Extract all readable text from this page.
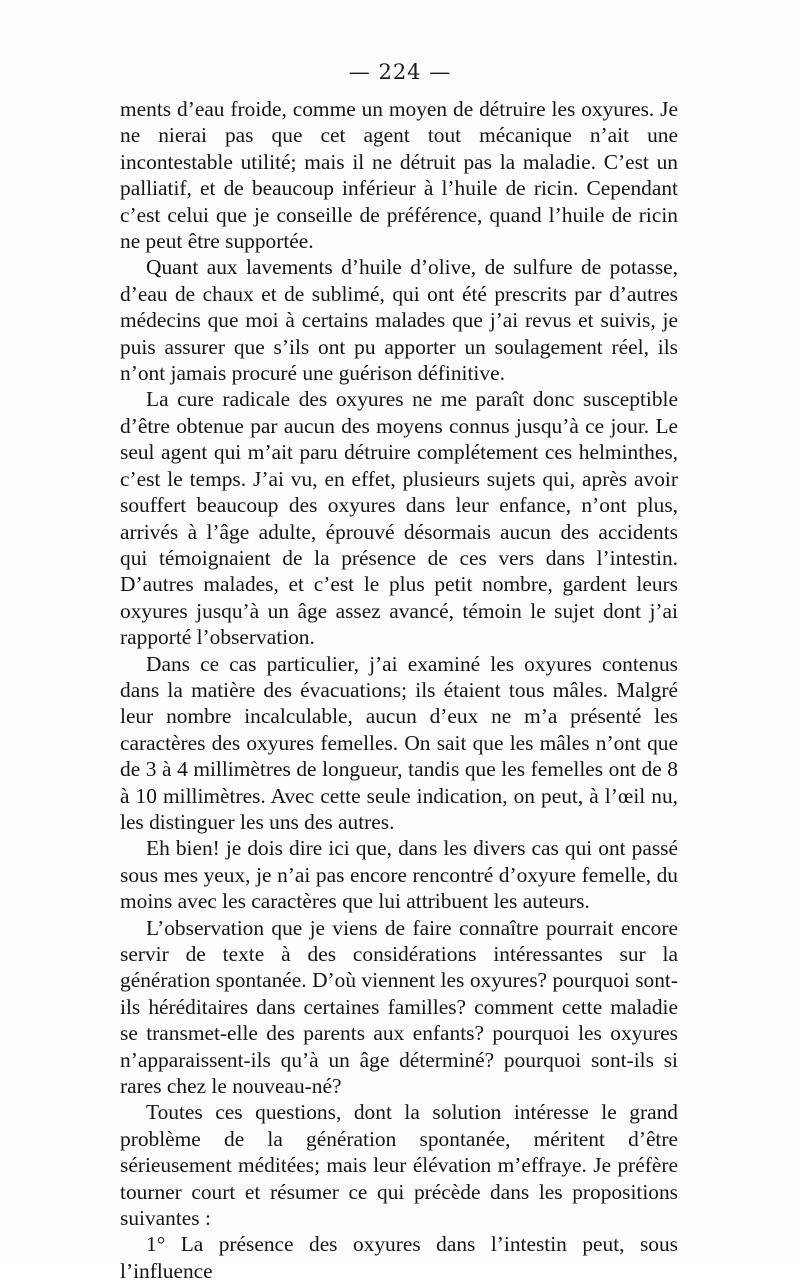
— 224 —

ments d’eau froide, comme un moyen de détruire les oxyures. Je ne nierai pas que cet agent tout mécanique n’ait une incontestable utilité; mais il ne détruit pas la maladie. C’est un palliatif, et de beaucoup inférieur à l’huile de ricin. Cependant c’est celui que je conseille de préférence, quand l’huile de ricin ne peut être supportée.

Quant aux lavements d’huile d’olive, de sulfure de potasse, d’eau de chaux et de sublimé, qui ont été prescrits par d’autres médecins que moi à certains malades que j’ai revus et suivis, je puis assurer que s’ils ont pu apporter un soulagement réel, ils n’ont jamais procuré une guérison définitive.

La cure radicale des oxyures ne me paraît donc susceptible d’être obtenue par aucun des moyens connus jusqu’à ce jour. Le seul agent qui m’ait paru détruire complétement ces helminthes, c’est le temps. J’ai vu, en effet, plusieurs sujets qui, après avoir souffert beaucoup des oxyures dans leur enfance, n’ont plus, arrivés à l’âge adulte, éprouvé désormais aucun des accidents qui témoignaient de la présence de ces vers dans l’intestin. D’autres malades, et c’est le plus petit nombre, gardent leurs oxyures jusqu’à un âge assez avancé, témoin le sujet dont j’ai rapporté l’observation.

Dans ce cas particulier, j’ai examiné les oxyures contenus dans la matière des évacuations; ils étaient tous mâles. Malgré leur nombre incalculable, aucun d’eux ne m’a présenté les caractères des oxyures femelles. On sait que les mâles n’ont que de 3 à 4 millimètres de longueur, tandis que les femelles ont de 8 à 10 millimètres. Avec cette seule indication, on peut, à l’œil nu, les distinguer les uns des autres.

Eh bien! je dois dire ici que, dans les divers cas qui ont passé sous mes yeux, je n’ai pas encore rencontré d’oxyure femelle, du moins avec les caractères que lui attribuent les auteurs.

L’observation que je viens de faire connaître pourrait encore servir de texte à des considérations intéressantes sur la génération spontanée. D’où viennent les oxyures? pourquoi sont-ils héréditaires dans certaines familles? comment cette maladie se transmet-elle des parents aux enfants? pourquoi les oxyures n’apparaissent-ils qu’à un âge déterminé? pourquoi sont-ils si rares chez le nouveau-né?

Toutes ces questions, dont la solution intéresse le grand problème de la génération spontanée, méritent d’être sérieusement méditées; mais leur élévation m’effraye. Je préfère tourner court et résumer ce qui précède dans les propositions suivantes :

1° La présence des oxyures dans l’intestin peut, sous l’influence
